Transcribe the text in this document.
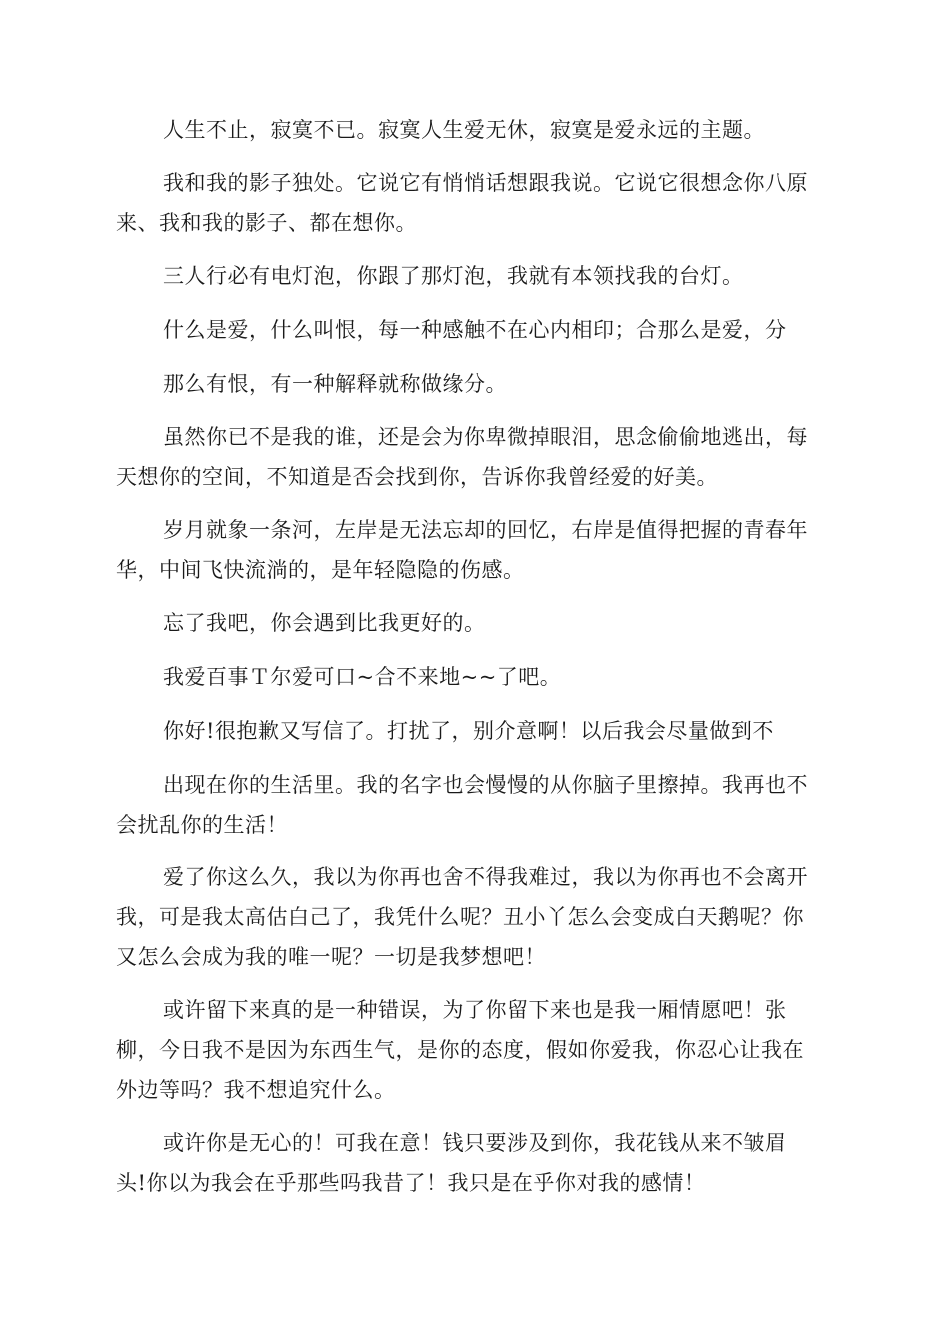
人生不止，寂寞不已。寂寞人生爱无休，寂寞是爱永远的主题。

我和我的影子独处。它说它有悄悄话想跟我说。它说它很想念你八原

来、我和我的影子、都在想你。

三人行必有电灯泡，你跟了那灯泡，我就有本领找我的台灯。

什么是爱，什么叫恨，每一种感触不在心内相印；合那么是爱，分

那么有恨，有一种解释就称做缘分。

虽然你已不是我的谁，还是会为你卑微掉眼泪，思念偷偷地逃出，每

天想你的空间，不知道是否会找到你，告诉你我曾经爱的好美。

岁月就象一条河，左岸是无法忘却的回忆，右岸是值得把握的青春年

华，中间飞快流淌的，是年轻隐隐的伤感。

忘了我吧，你会遇到比我更好的。

我爱百事Ｔ尔爱可口~合不来地~~了吧。

你好!很抱歉又写信了。打扰了，别介意啊！以后我会尽量做到不

出现在你的生活里。我的名字也会慢慢的从你脑子里擦掉。我再也不

会扰乱你的生活！

爱了你这么久，我以为你再也舍不得我难过，我以为你再也不会离开

我，可是我太高估白己了，我凭什么呢？丑小丫怎么会变成白天鹅呢？你

又怎么会成为我的唯一呢？一切是我梦想吧！

或许留下来真的是一种错误，为了你留下来也是我一厢情愿吧！张

柳，今日我不是因为东西生气，是你的态度，假如你爱我，你忍心让我在

外边等吗？我不想追究什么。

或许你是无心的！可我在意！钱只要涉及到你，我花钱从来不皱眉

头!你以为我会在乎那些吗我昔了！我只是在乎你对我的感情！
